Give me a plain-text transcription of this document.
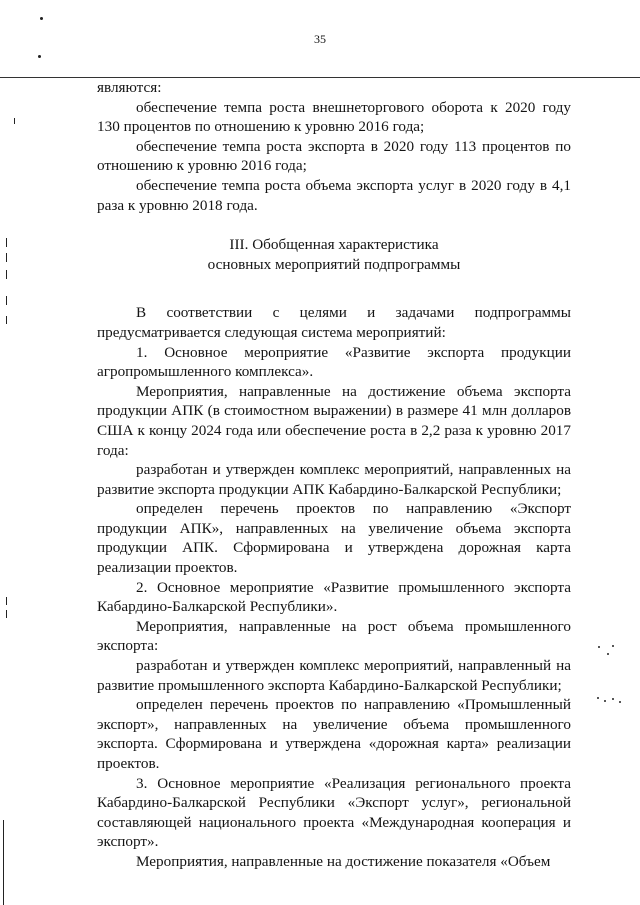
35

являются:

обеспечение темпа роста внешнеторгового оборота к 2020 году 130 процентов по отношению к уровню 2016 года;

обеспечение темпа роста экспорта в 2020 году 113 процентов по отношению к уровню 2016 года;

обеспечение темпа роста объема экспорта услуг в 2020 году в 4,1 раза к уровню 2018 года.

III. Обобщенная характеристика
основных мероприятий подпрограммы

В соответствии с целями и задачами подпрограммы предусматривается следующая система мероприятий:

1. Основное мероприятие «Развитие экспорта продукции агропромышленного комплекса».

Мероприятия, направленные на достижение объема экспорта продукции АПК (в стоимостном выражении) в размере 41 млн долларов США к концу 2024 года или обеспечение роста в 2,2 раза к уровню 2017 года:

разработан и утвержден комплекс мероприятий, направленных на развитие экспорта продукции АПК Кабардино-Балкарской Республики;

определен перечень проектов по направлению «Экспорт продукции АПК», направленных на увеличение объема экспорта продукции АПК. Сформирована и утверждена дорожная карта реализации проектов.

2. Основное мероприятие «Развитие промышленного экспорта Кабардино-Балкарской Республики».

Мероприятия, направленные на рост объема промышленного экспорта:

разработан и утвержден комплекс мероприятий, направленный на развитие промышленного экспорта Кабардино-Балкарской Республики;

определен перечень проектов по направлению «Промышленный экспорт», направленных на увеличение объема промышленного экспорта. Сформирована и утверждена «дорожная карта» реализации проектов.

3. Основное мероприятие «Реализация регионального проекта Кабардино-Балкарской Республики «Экспорт услуг», региональной составляющей национального проекта «Международная кооперация и экспорт».

Мероприятия, направленные на достижение показателя «Объем
